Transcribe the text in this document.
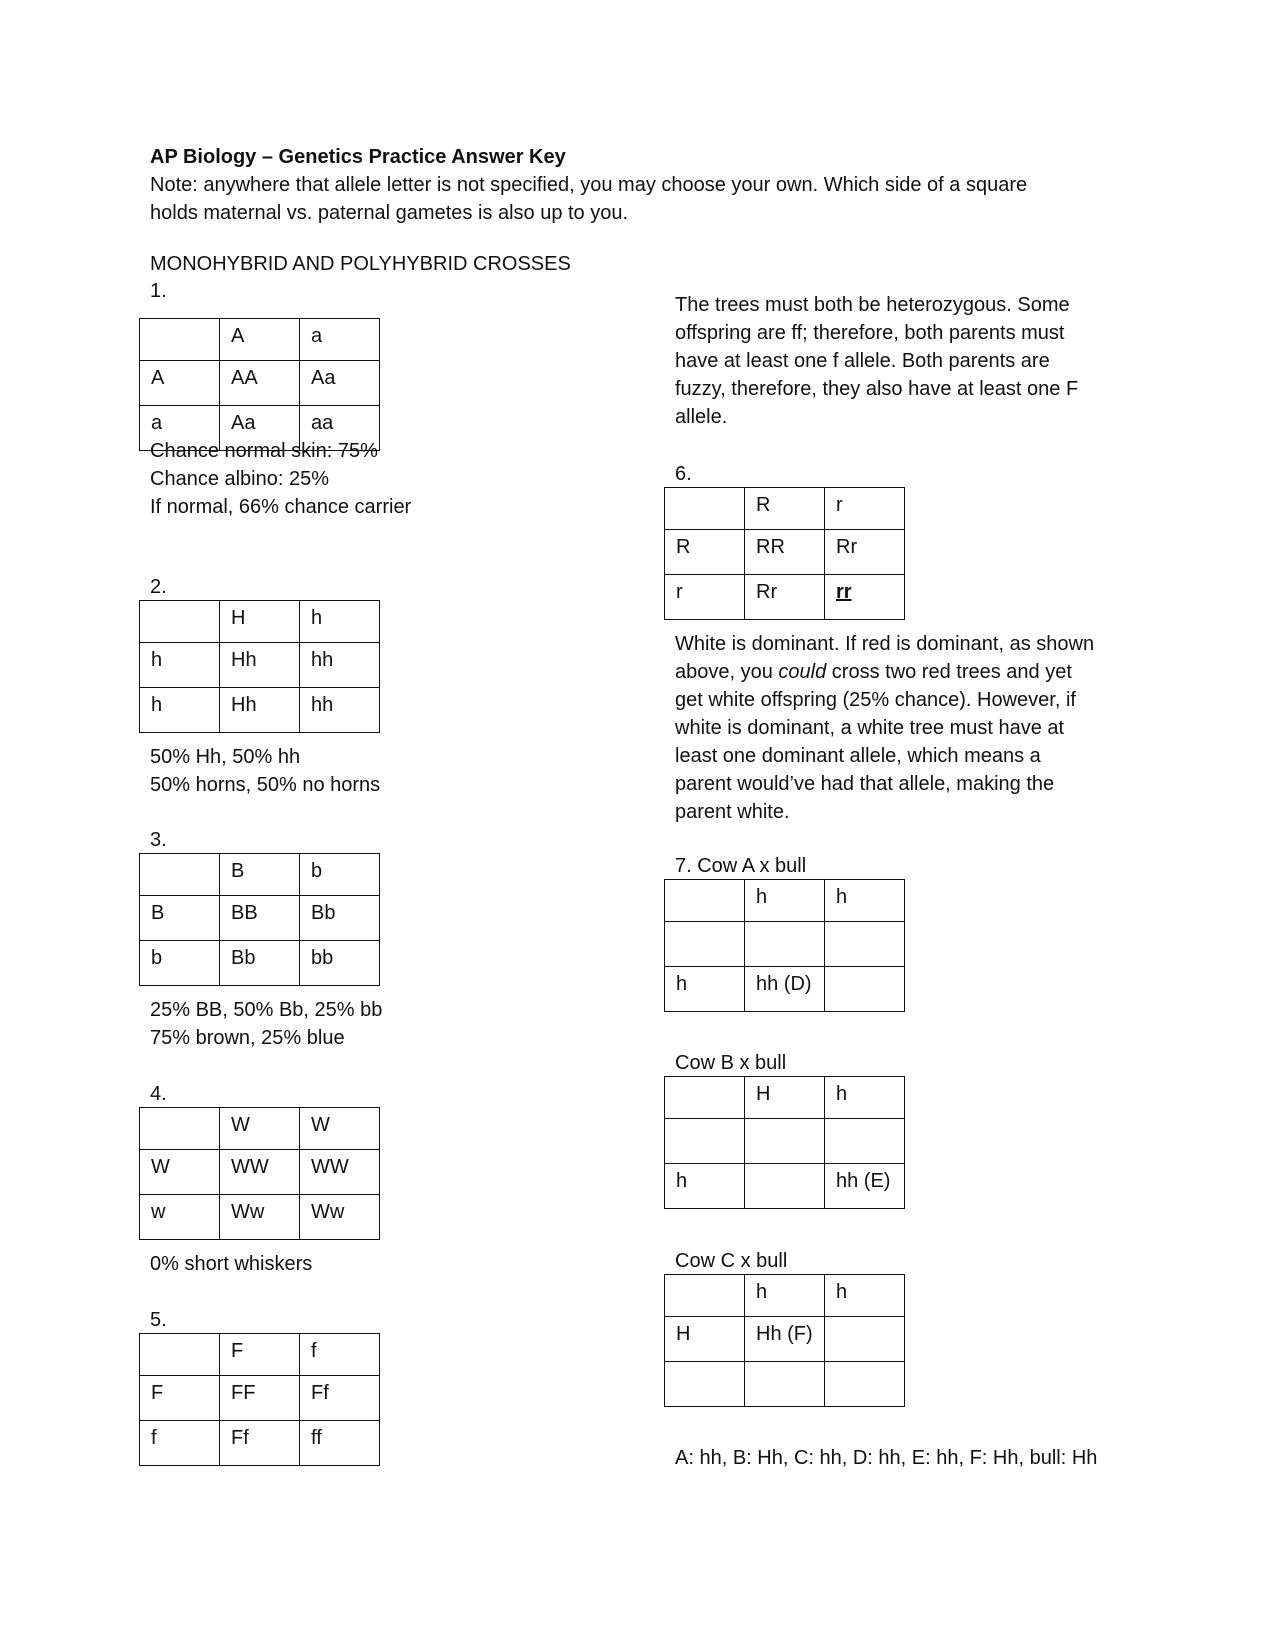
AP Biology – Genetics Practice Answer Key
Note: anywhere that allele letter is not specified, you may choose your own. Which side of a square
holds maternal vs. paternal gametes is also up to you.
MONOHYBRID AND POLYHYBRID CROSSES
1.
	A	a
A	AA	Aa
a	Aa	aa
Chance normal skin: 75%
Chance albino: 25%
If normal, 66% chance carrier
2.
	H	h
h	Hh	hh
h	Hh	hh
50% Hh, 50% hh
50% horns, 50% no horns
3.
	B	b
B	BB	Bb
b	Bb	bb
25% BB, 50% Bb, 25% bb
75% brown, 25% blue
4.
	W	W
W	WW	WW
w	Ww	Ww
0% short whiskers
5.
	F	f
F	FF	Ff
f	Ff	ff
The trees must both be heterozygous. Some
offspring are ff; therefore, both parents must
have at least one f allele. Both parents are
fuzzy, therefore, they also have at least one F
allele.
6.
	R	r
R	RR	Rr
r	Rr	rr
White is dominant. If red is dominant, as shown
above, you could cross two red trees and yet
get white offspring (25% chance). However, if
white is dominant, a white tree must have at
least one dominant allele, which means a
parent would’ve had that allele, making the
parent white.
7. Cow A x bull
	h	h

h	hh (D)	
Cow B x bull
	H	h

h		hh (E)
Cow C x bull
	h	h
H	Hh (F)	

A: hh, B: Hh, C: hh, D: hh, E: hh, F: Hh, bull: Hh
